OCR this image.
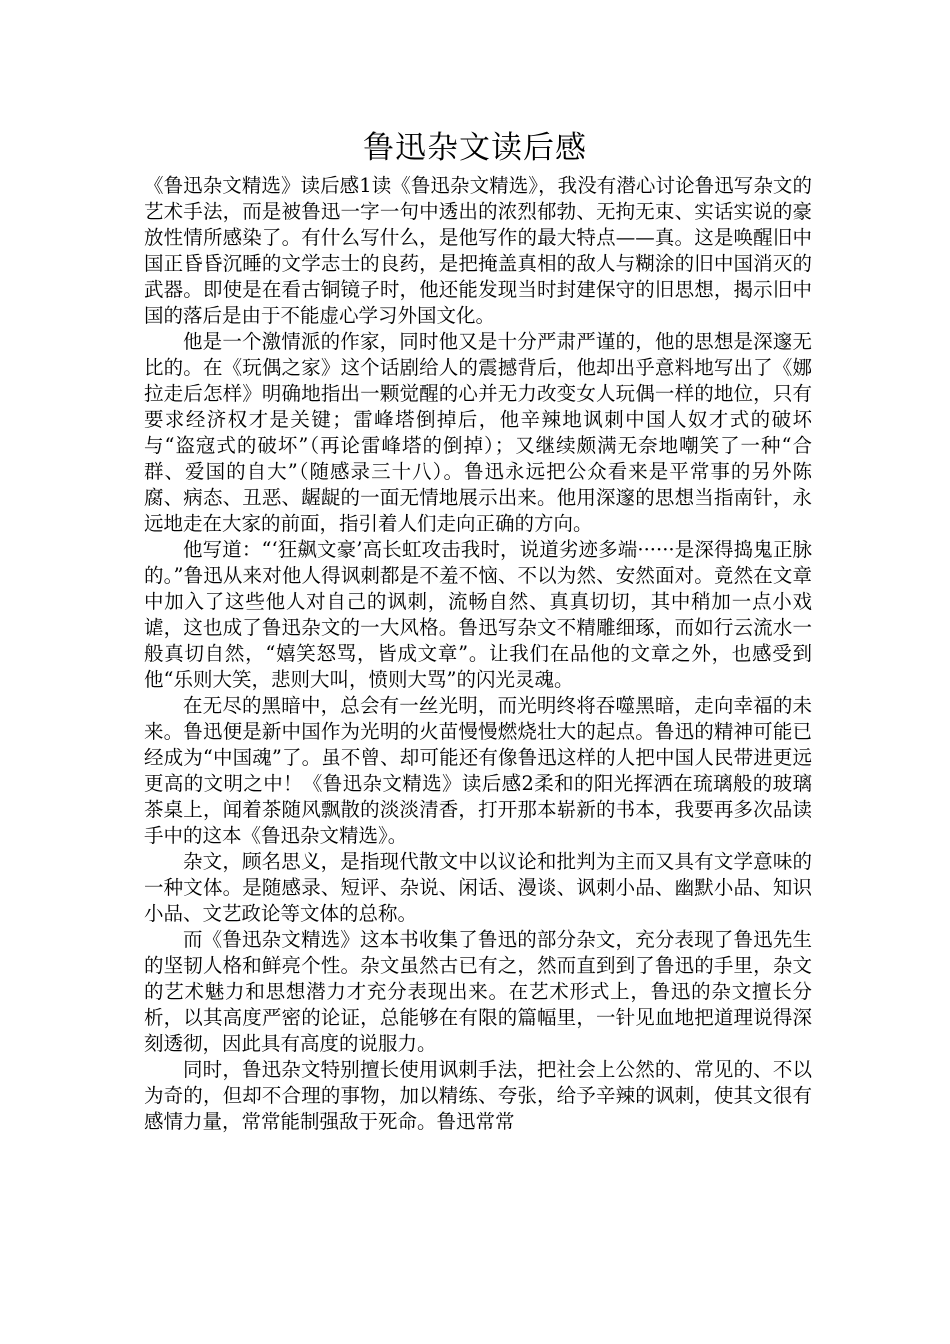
鲁迅杂文读后感

《鲁迅杂文精选》读后感1读《鲁迅杂文精选》，我没有潜心讨论鲁迅写杂文的艺术手法，而是被鲁迅一字一句中透出的浓烈郁勃、无拘无束、实话实说的豪放性情所感染了。有什么写什么，是他写作的最大特点——真。这是唤醒旧中国正昏昏沉睡的文学志士的良药，是把掩盖真相的敌人与糊涂的旧中国消灭的武器。即使是在看古铜镜子时，他还能发现当时封建保守的旧思想，揭示旧中国的落后是由于不能虚心学习外国文化。

他是一个激情派的作家，同时他又是十分严肃严谨的，他的思想是深邃无比的。在《玩偶之家》这个话剧给人的震撼背后，他却出乎意料地写出了《娜拉走后怎样》明确地指出一颗觉醒的心并无力改变女人玩偶一样的地位，只有要求经济权才是关键；雷峰塔倒掉后，他辛辣地讽刺中国人奴才式的破坏与“盗寇式的破坏”（再论雷峰塔的倒掉）；又继续颇满无奈地嘲笑了一种“合群、爱国的自大”（随感录三十八）。鲁迅永远把公众看来是平常事的另外陈腐、病态、丑恶、龌龊的一面无情地展示出来。他用深邃的思想当指南针，永远地走在大家的前面，指引着人们走向正确的方向。

他写道：“‘狂飙文豪’高长虹攻击我时，说道劣迹多端······是深得捣鬼正脉的。”鲁迅从来对他人得讽刺都是不羞不恼、不以为然、安然面对。竟然在文章中加入了这些他人对自己的讽刺，流畅自然、真真切切，其中稍加一点小戏谑，这也成了鲁迅杂文的一大风格。鲁迅写杂文不精雕细琢，而如行云流水一般真切自然，“嬉笑怒骂，皆成文章”。让我们在品他的文章之外，也感受到他“乐则大笑，悲则大叫，愤则大骂”的闪光灵魂。

在无尽的黑暗中，总会有一丝光明，而光明终将吞噬黑暗，走向幸福的未来。鲁迅便是新中国作为光明的火苗慢慢燃烧壮大的起点。鲁迅的精神可能已经成为“中国魂”了。虽不曾、却可能还有像鲁迅这样的人把中国人民带进更远更高的文明之中！《鲁迅杂文精选》读后感2柔和的阳光挥洒在琉璃般的玻璃茶桌上，闻着茶随风飘散的淡淡清香，打开那本崭新的书本，我要再多次品读手中的这本《鲁迅杂文精选》。

杂文，顾名思义，是指现代散文中以议论和批判为主而又具有文学意味的一种文体。是随感录、短评、杂说、闲话、漫谈、讽刺小品、幽默小品、知识小品、文艺政论等文体的总称。

而《鲁迅杂文精选》这本书收集了鲁迅的部分杂文，充分表现了鲁迅先生的坚韧人格和鲜亮个性。杂文虽然古已有之，然而直到到了鲁迅的手里，杂文的艺术魅力和思想潜力才充分表现出来。在艺术形式上，鲁迅的杂文擅长分析，以其高度严密的论证，总能够在有限的篇幅里，一针见血地把道理说得深刻透彻，因此具有高度的说服力。

同时，鲁迅杂文特别擅长使用讽刺手法，把社会上公然的、常见的、不以为奇的，但却不合理的事物，加以精练、夸张，给予辛辣的讽刺，使其文很有感情力量，常常能制强敌于死命。鲁迅常常
